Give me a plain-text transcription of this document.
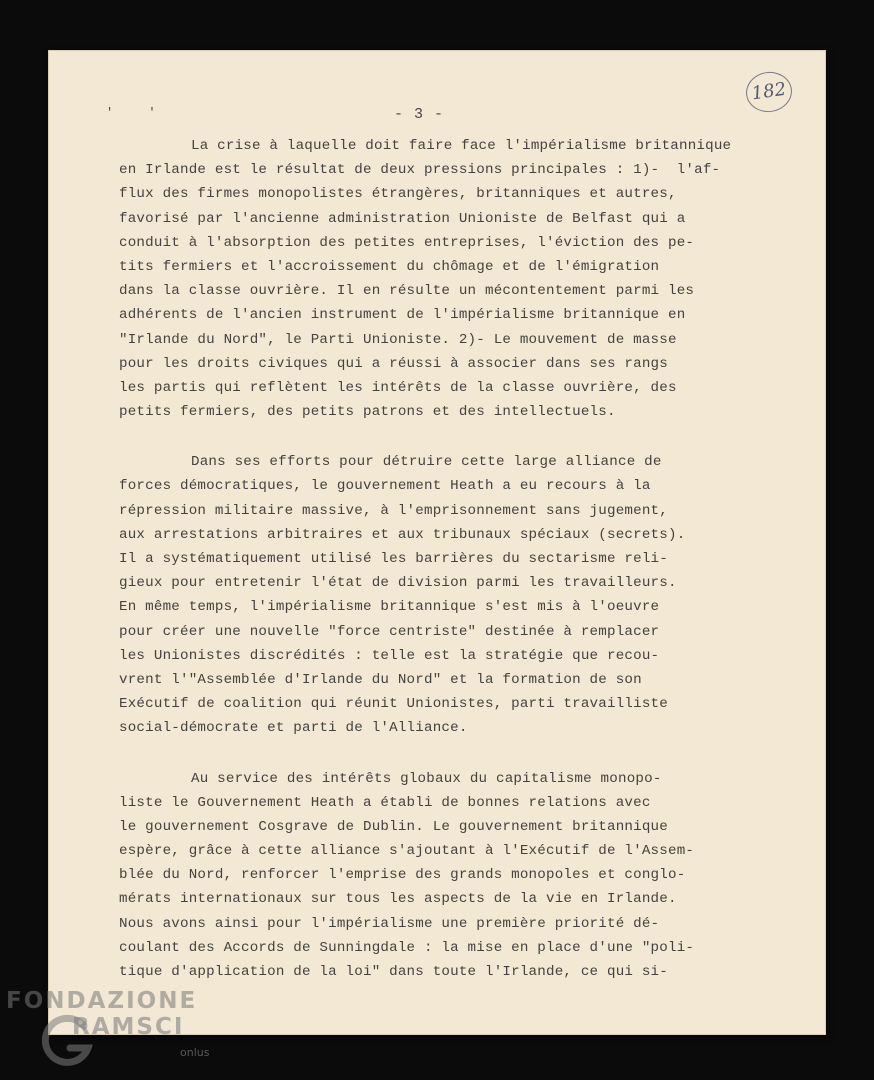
182
' '	- 3 -
La crise à laquelle doit faire face l'impérialisme britannique
en Irlande est le résultat de deux pressions principales : 1)-  l'af-
flux des firmes monopolistes étrangères, britanniques et autres,
favorisé par l'ancienne administration Unioniste de Belfast qui a
conduit à l'absorption des petites entreprises, l'éviction des pe-
tits fermiers et l'accroissement du chômage et de l'émigration
dans la classe ouvrière. Il en résulte un mécontentement parmi les
adhérents de l'ancien instrument de l'impérialisme britannique en
"Irlande du Nord", le Parti Unioniste. 2)- Le mouvement de masse
pour les droits civiques qui a réussi à associer dans ses rangs
les partis qui reflètent les intérêts de la classe ouvrière, des
petits fermiers, des petits patrons et des intellectuels.
Dans ses efforts pour détruire cette large alliance de
forces démocratiques, le gouvernement Heath a eu recours à la
répression militaire massive, à l'emprisonnement sans jugement,
aux arrestations arbitraires et aux tribunaux spéciaux (secrets).
Il a systématiquement utilisé les barrières du sectarisme reli-
gieux pour entretenir l'état de division parmi les travailleurs.
En même temps, l'impérialisme britannique s'est mis à l'oeuvre
pour créer une nouvelle "force centriste" destinée à remplacer
les Unionistes discrédités : telle est la stratégie que recou-
vrent l'"Assemblée d'Irlande du Nord" et la formation de son
Exécutif de coalition qui réunit Unionistes, parti travailliste
social-démocrate et parti de l'Alliance.
Au service des intérêts globaux du capitalisme monopo-
liste le Gouvernement Heath a établi de bonnes relations avec
le gouvernement Cosgrave de Dublin. Le gouvernement britannique
espère, grâce à cette alliance s'ajoutant à l'Exécutif de l'Assem-
blée du Nord, renforcer l'emprise des grands monopoles et conglo-
mérats internationaux sur tous les aspects de la vie en Irlande.
Nous avons ainsi pour l'impérialisme une première priorité dé-
coulant des Accords de Sunningdale : la mise en place d'une "poli-
tique d'application de la loi" dans toute l'Irlande, ce qui si-
FONDAZIONE
RAMSCI
onlus
